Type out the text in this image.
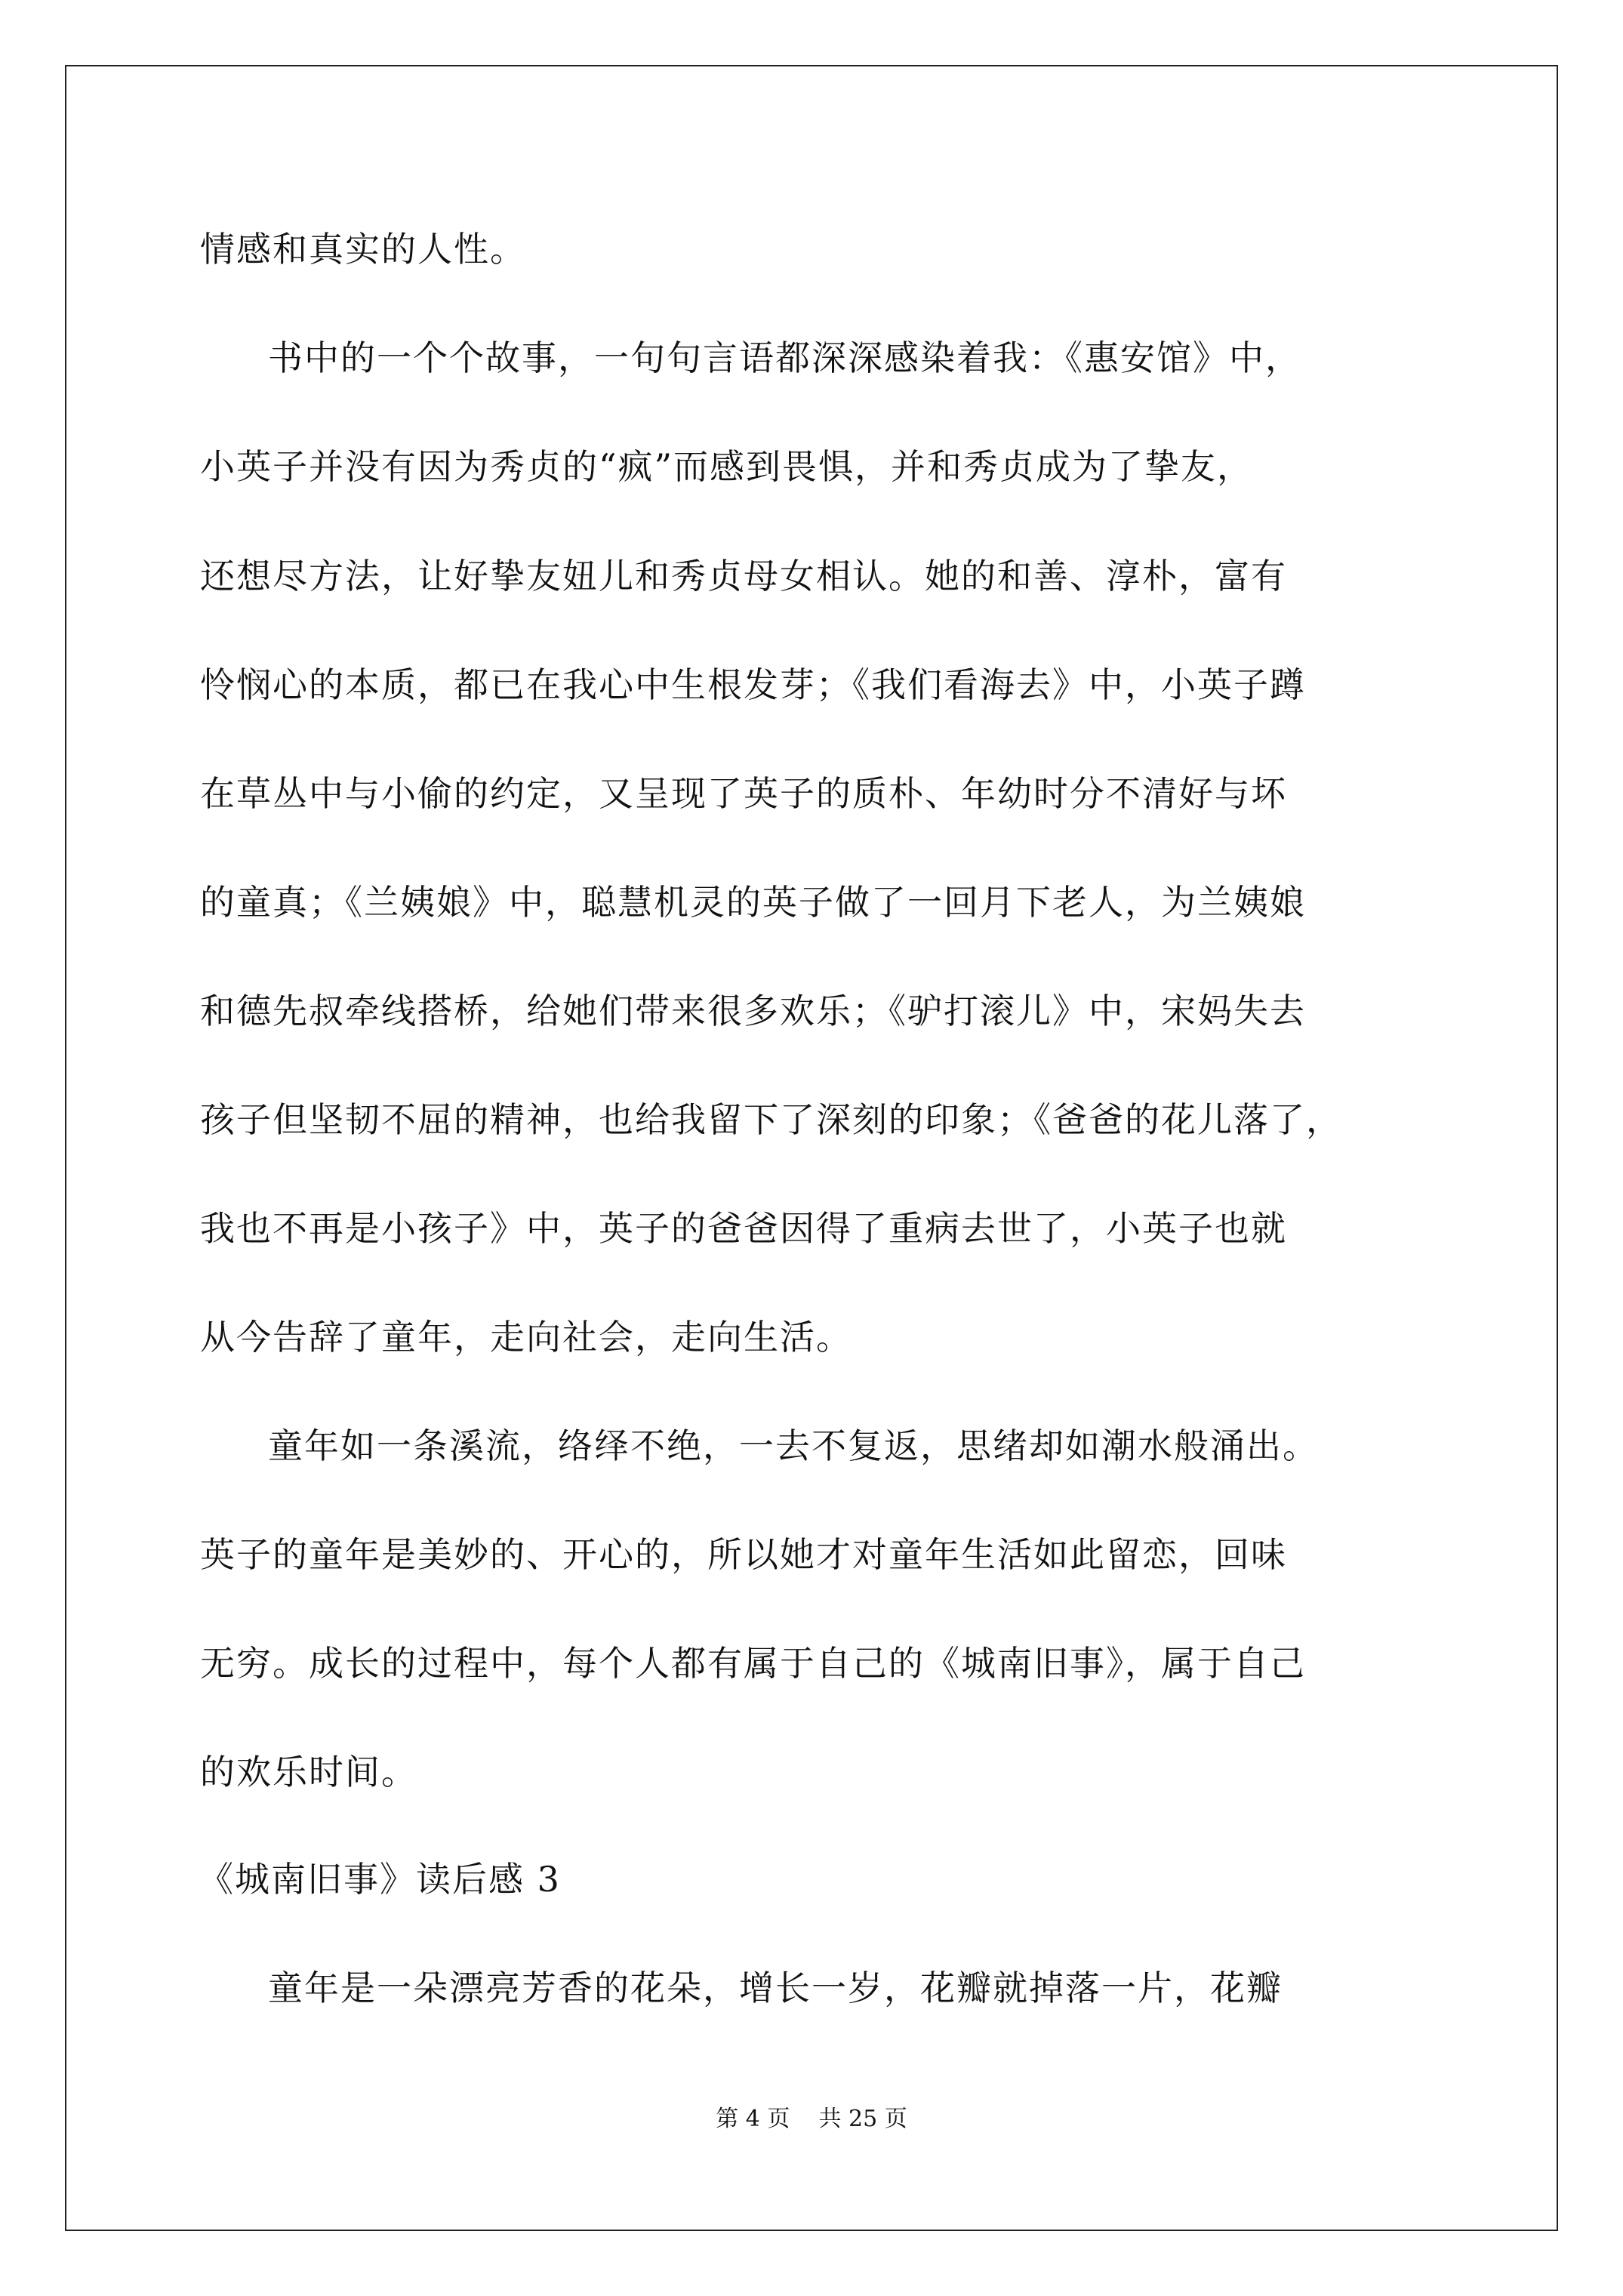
情感和真实的人性。
书中的一个个故事，一句句言语都深深感染着我：《惠安馆》中，
小英子并没有因为秀贞的“疯”而感到畏惧，并和秀贞成为了挚友，
还想尽方法，让好挚友妞儿和秀贞母女相认。她的和善、淳朴，富有
怜悯心的本质，都已在我心中生根发芽；《我们看海去》中，小英子蹲
在草丛中与小偷的约定，又呈现了英子的质朴、年幼时分不清好与坏
的童真；《兰姨娘》中，聪慧机灵的英子做了一回月下老人，为兰姨娘
和德先叔牵线搭桥，给她们带来很多欢乐；《驴打滚儿》中，宋妈失去
孩子但坚韧不屈的精神，也给我留下了深刻的印象；《爸爸的花儿落了，
我也不再是小孩子》中，英子的爸爸因得了重病去世了，小英子也就
从今告辞了童年，走向社会，走向生活。
童年如一条溪流，络绎不绝，一去不复返，思绪却如潮水般涌出。
英子的童年是美妙的、开心的，所以她才对童年生活如此留恋，回味
无穷。成长的过程中，每个人都有属于自己的《城南旧事》，属于自己
的欢乐时间。
《城南旧事》读后感 3
童年是一朵漂亮芳香的花朵，增长一岁，花瓣就掉落一片，花瓣
第 4 页    共 25 页
